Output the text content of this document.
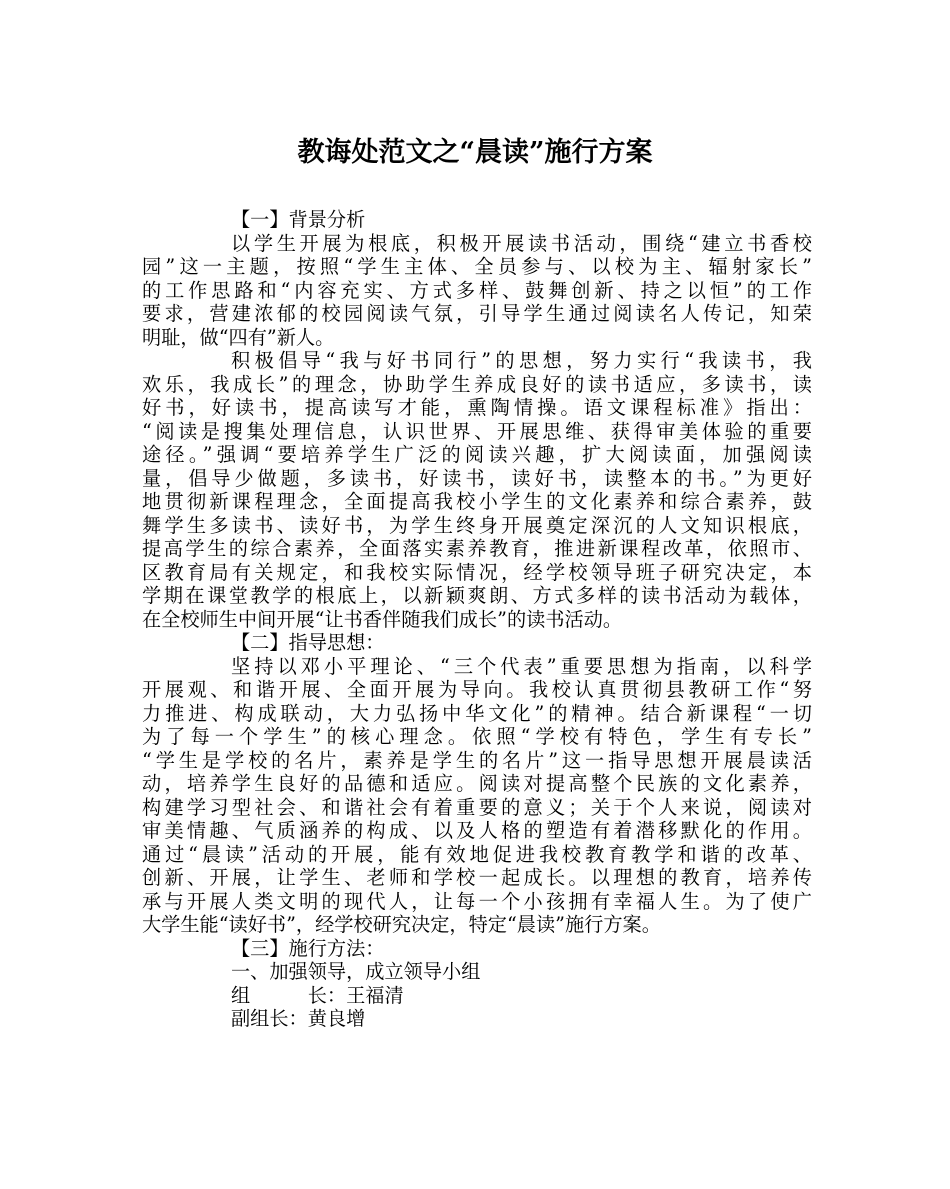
教诲处范文之“晨读”施行方案
【一】背景分析
以学生开展为根底，积极开展读书活动，围绕“建立书香校
园”这一主题，按照“学生主体、全员参与、以校为主、辐射家长”
的工作思路和“内容充实、方式多样、鼓舞创新、持之以恒”的工作
要求，营建浓郁的校园阅读气氛，引导学生通过阅读名人传记，知荣
明耻，做“四有”新人。
积极倡导“我与好书同行”的思想，努力实行“我读书，我
欢乐，我成长”的理念，协助学生养成良好的读书适应，多读书，读
好书，好读书，提高读写才能，熏陶情操。语文课程标准》指出：
“阅读是搜集处理信息，认识世界、开展思维、获得审美体验的重要
途径。”强调“要培养学生广泛的阅读兴趣，扩大阅读面，加强阅读
量，倡导少做题，多读书，好读书，读好书，读整本的书。”为更好
地贯彻新课程理念，全面提高我校小学生的文化素养和综合素养，鼓
舞学生多读书、读好书，为学生终身开展奠定深沉的人文知识根底，
提高学生的综合素养，全面落实素养教育，推进新课程改革，依照市、
区教育局有关规定，和我校实际情况，经学校领导班子研究决定，本
学期在课堂教学的根底上，以新颖爽朗、方式多样的读书活动为载体，
在全校师生中间开展“让书香伴随我们成长”的读书活动。
【二】指导思想：
坚持以邓小平理论、“三个代表”重要思想为指南，以科学
开展观、和谐开展、全面开展为导向。我校认真贯彻县教研工作“努
力推进、构成联动，大力弘扬中华文化”的精神。结合新课程“一切
为了每一个学生”的核心理念。依照“学校有特色，学生有专长”
“学生是学校的名片，素养是学生的名片”这一指导思想开展晨读活
动，培养学生良好的品德和适应。阅读对提高整个民族的文化素养，
构建学习型社会、和谐社会有着重要的意义；关于个人来说，阅读对
审美情趣、气质涵养的构成、以及人格的塑造有着潜移默化的作用。
通过“晨读”活动的开展，能有效地促进我校教育教学和谐的改革、
创新、开展，让学生、老师和学校一起成长。以理想的教育，培养传
承与开展人类文明的现代人，让每一个小孩拥有幸福人生。为了使广
大学生能“读好书”，经学校研究决定，特定“晨读”施行方案。
【三】施行方法：
一、加强领导，成立领导小组
组　　　长：王福清
副组长：黄良增
